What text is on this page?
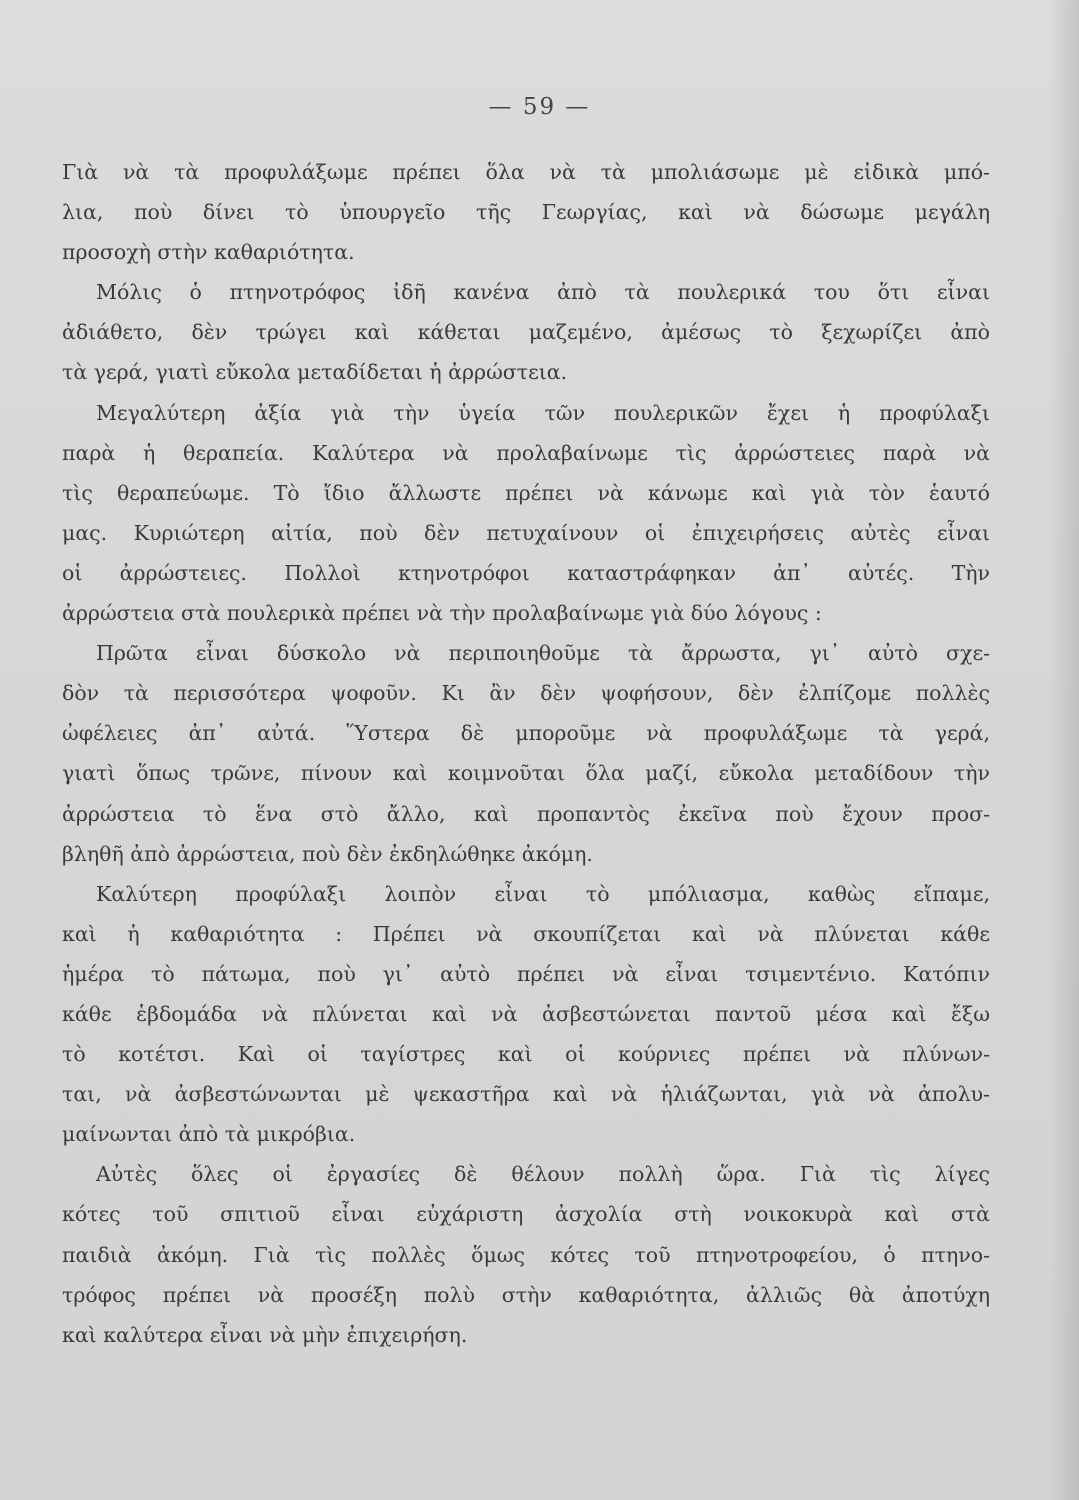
— 59 —
Γιὰ νὰ τὰ προφυλάξωμε πρέπει ὅλα νὰ τὰ μπολιάσωμε μὲ εἰδικὰ μπό-
λια, ποὺ δίνει τὸ ὑπουργεῖο τῆς Γεωργίας, καὶ νὰ δώσωμε μεγάλη
προσοχὴ στὴν καθαριότητα.
Μόλις ὁ πτηνοτρόφος ἰδῆ κανένα ἀπὸ τὰ πουλερικά του ὅτι εἶναι
ἀδιάθετο, δὲν τρώγει καὶ κάθεται μαζεμένο, ἀμέσως τὸ ξεχωρίζει ἀπὸ
τὰ γερά, γιατὶ εὔκολα μεταδίδεται ἡ ἀρρώστεια.
Μεγαλύτερη ἀξία γιὰ τὴν ὑγεία τῶν πουλερικῶν ἔχει ἡ προφύλαξι
παρὰ ἡ θεραπεία. Καλύτερα νὰ προλαβαίνωμε τὶς ἀρρώστειες παρὰ νὰ
τὶς θεραπεύωμε. Τὸ ἴδιο ἄλλωστε πρέπει νὰ κάνωμε καὶ γιὰ τὸν ἑαυτό
μας. Κυριώτερη αἰτία, ποὺ δὲν πετυχαίνουν οἱ ἐπιχειρήσεις αὐτὲς εἶναι
οἱ ἀρρώστειες. Πολλοὶ κτηνοτρόφοι καταστράφηκαν ἀπ᾿ αὐτές. Τὴν
ἀρρώστεια στὰ πουλερικὰ πρέπει νὰ τὴν προλαβαίνωμε γιὰ δύο λόγους :
Πρῶτα εἶναι δύσκολο νὰ περιποιηθοῦμε τὰ ἄρρωστα, γι᾿ αὐτὸ σχε-
δὸν τὰ περισσότερα ψοφοῦν. Κι ἂν δὲν ψοφήσουν, δὲν ἐλπίζομε πολλὲς
ὠφέλειες ἀπ᾿ αὐτά. Ὕστερα δὲ μποροῦμε νὰ προφυλάξωμε τὰ γερά,
γιατὶ ὅπως τρῶνε, πίνουν καὶ κοιμνοῦται ὅλα μαζί, εὔκολα μεταδίδουν τὴν
ἀρρώστεια τὸ ἕνα στὸ ἄλλο, καὶ προπαντὸς ἐκεῖνα ποὺ ἔχουν προσ-
βληθῆ ἀπὸ ἀρρώστεια, ποὺ δὲν ἐκδηλώθηκε ἀκόμη.
Καλύτερη προφύλαξι λοιπὸν εἶναι τὸ μπόλιασμα, καθὼς εἴπαμε,
καὶ ἡ καθαριότητα : Πρέπει νὰ σκουπίζεται καὶ νὰ πλύνεται κάθε
ἡμέρα τὸ πάτωμα, ποὺ γι᾿ αὐτὸ πρέπει νὰ εἶναι τσιμεντένιο. Κατόπιν
κάθε ἑβδομάδα νὰ πλύνεται καὶ νὰ ἀσβεστώνεται παντοῦ μέσα καὶ ἔξω
τὸ κοτέτσι. Καὶ οἱ ταγίστρες καὶ οἱ κούρνιες πρέπει νὰ πλύνων-
ται, νὰ ἀσβεστώνωνται μὲ ψεκαστῆρα καὶ νὰ ἡλιάζωνται, γιὰ νὰ ἀπολυ-
μαίνωνται ἀπὸ τὰ μικρόβια.
Αὐτὲς ὅλες οἱ ἐργασίες δὲ θέλουν πολλὴ ὥρα. Γιὰ τὶς λίγες
κότες τοῦ σπιτιοῦ εἶναι εὐχάριστη ἀσχολία στὴ νοικοκυρὰ καὶ στὰ
παιδιὰ ἀκόμη. Γιὰ τὶς πολλὲς ὅμως κότες τοῦ πτηνοτροφείου, ὁ πτηνο-
τρόφος πρέπει νὰ προσέξη πολὺ στὴν καθαριότητα, ἀλλιῶς θὰ ἀποτύχη
καὶ καλύτερα εἶναι νὰ μὴν ἐπιχειρήση.
